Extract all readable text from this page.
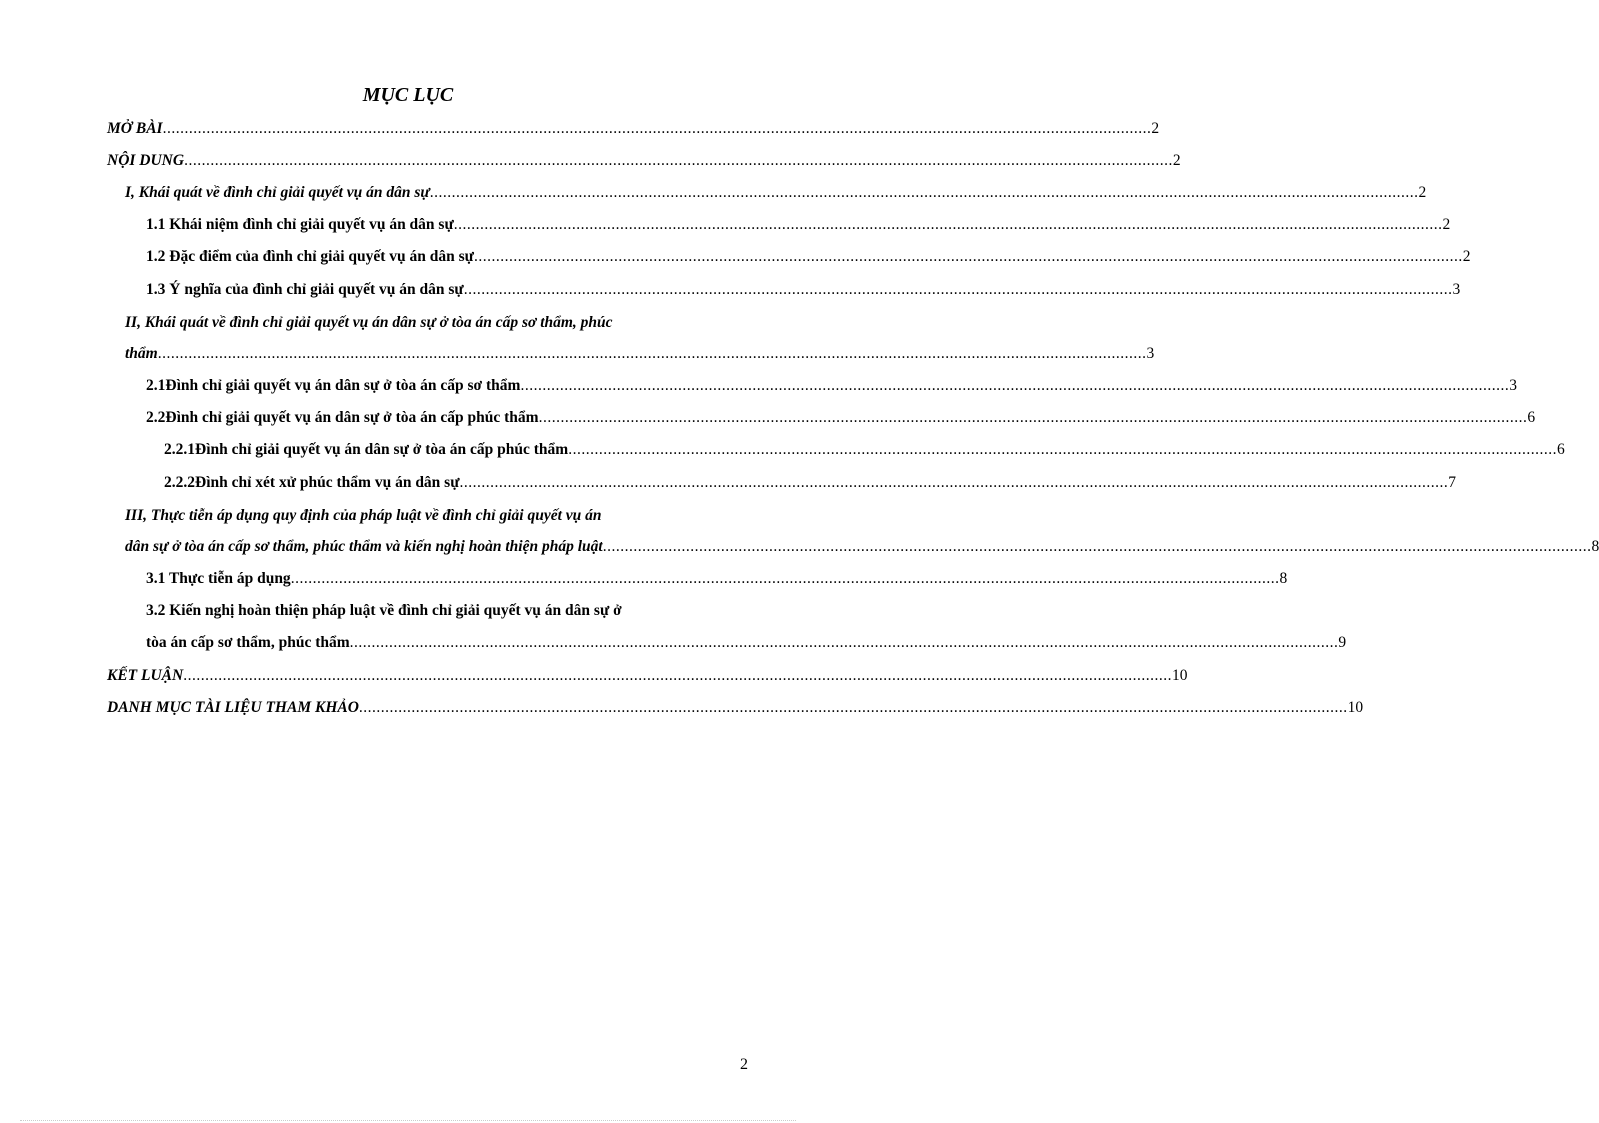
MỤC LỤC
MỞ BÀI .....	2
NỘI DUNG .....	2
I, Khái quát về đình chỉ giải quyết vụ án dân sự .....	2
1.1 Khái niệm đình chỉ giải quyết vụ án dân sự .....	2
1.2 Đặc điểm của đình chỉ giải quyết vụ án dân sự .....	2
1.3 Ý nghĩa của đình chỉ giải quyết vụ án dân sự .....	3
II, Khái quát về đình chỉ giải quyết vụ án dân sự ở tòa án cấp sơ thẩm, phúc
thẩm .....	3
2.1 Đình chỉ giải quyết vụ án dân sự ở tòa án cấp sơ thẩm .....	3
2.2 Đình chỉ giải quyết vụ án dân sự ở tòa án cấp phúc thẩm .....	6
2.2.1 Đình chỉ giải quyết vụ án dân sự ở tòa án cấp phúc thẩm .....	6
2.2.2 Đình chỉ xét xử phúc thẩm vụ án dân sự .....	7
III, Thực tiễn áp dụng quy định của pháp luật về đình chỉ giải quyết vụ án
dân sự ở tòa án cấp sơ thẩm, phúc thẩm và kiến nghị hoàn thiện pháp luật .....	8
3.1 Thực tiễn áp dụng .....	8
3.2 Kiến nghị hoàn thiện pháp luật về đình chỉ giải quyết vụ án dân sự ở
tòa án cấp sơ thẩm, phúc thẩm .....	9
KẾT LUẬN .....	10
DANH MỤC TÀI LIỆU THAM KHẢO .....	10
2
